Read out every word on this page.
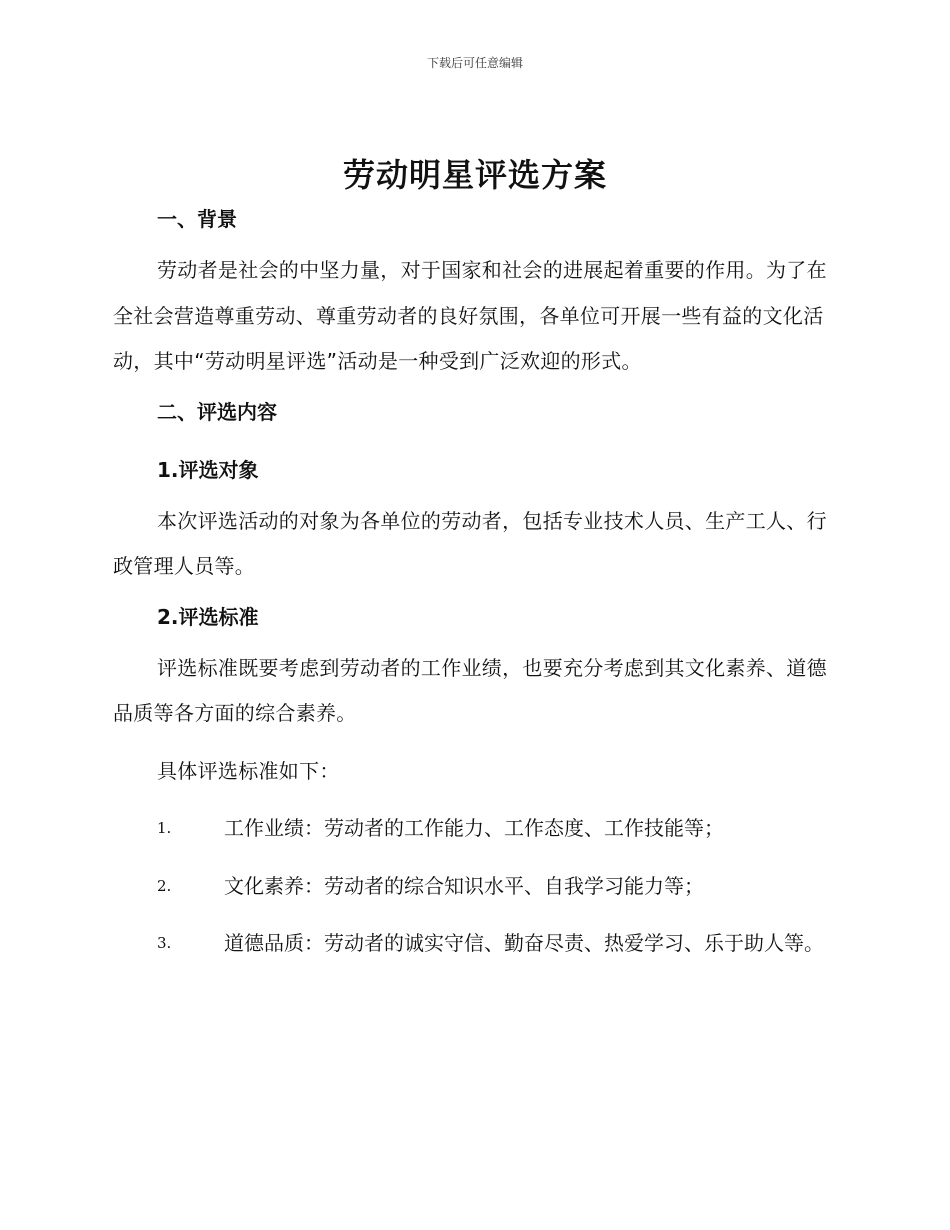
下载后可任意编辑
劳动明星评选方案

一、背景

劳动者是社会的中坚力量，对于国家和社会的进展起着重要的作用。为了在全社会营造尊重劳动、尊重劳动者的良好氛围，各单位可开展一些有益的文化活动，其中“劳动明星评选”活动是一种受到广泛欢迎的形式。

二、评选内容

1.评选对象

本次评选活动的对象为各单位的劳动者，包括专业技术人员、生产工人、行政管理人员等。

2.评选标准

评选标准既要考虑到劳动者的工作业绩，也要充分考虑到其文化素养、道德品质等各方面的综合素养。

具体评选标准如下：

1.	工作业绩：劳动者的工作能力、工作态度、工作技能等；
2.	文化素养：劳动者的综合知识水平、自我学习能力等；
3.	道德品质：劳动者的诚实守信、勤奋尽责、热爱学习、乐于助人等。
